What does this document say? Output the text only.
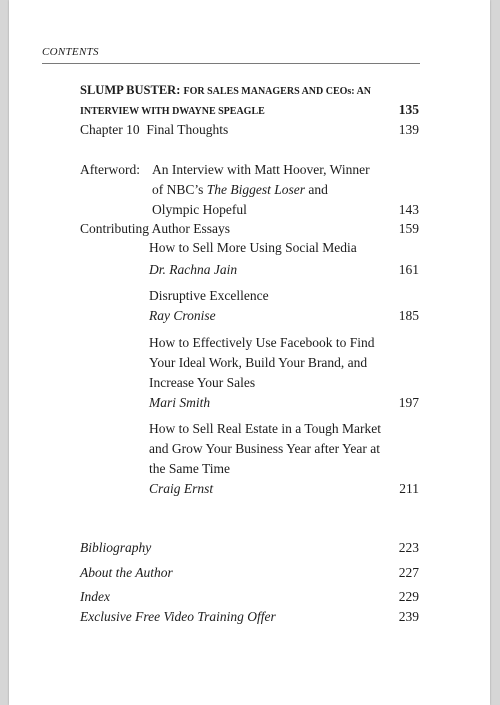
CONTENTS
SLUMP BUSTER: FOR SALES MANAGERS AND CEOs: AN
INTERVIEW WITH DWAYNE SPEAGLE	135
Chapter 10 Final Thoughts	139
Afterword: An Interview with Matt Hoover, Winner
of NBC’s The Biggest Loser and
Olympic Hopeful	143
Contributing Author Essays	159
How to Sell More Using Social Media
Dr. Rachna Jain	161
Disruptive Excellence
Ray Cronise	185
How to Effectively Use Facebook to Find
Your Ideal Work, Build Your Brand, and
Increase Your Sales
Mari Smith	197
How to Sell Real Estate in a Tough Market
and Grow Your Business Year after Year at
the Same Time
Craig Ernst	211
Bibliography	223
About the Author	227
Index	229
Exclusive Free Video Training Offer	239
